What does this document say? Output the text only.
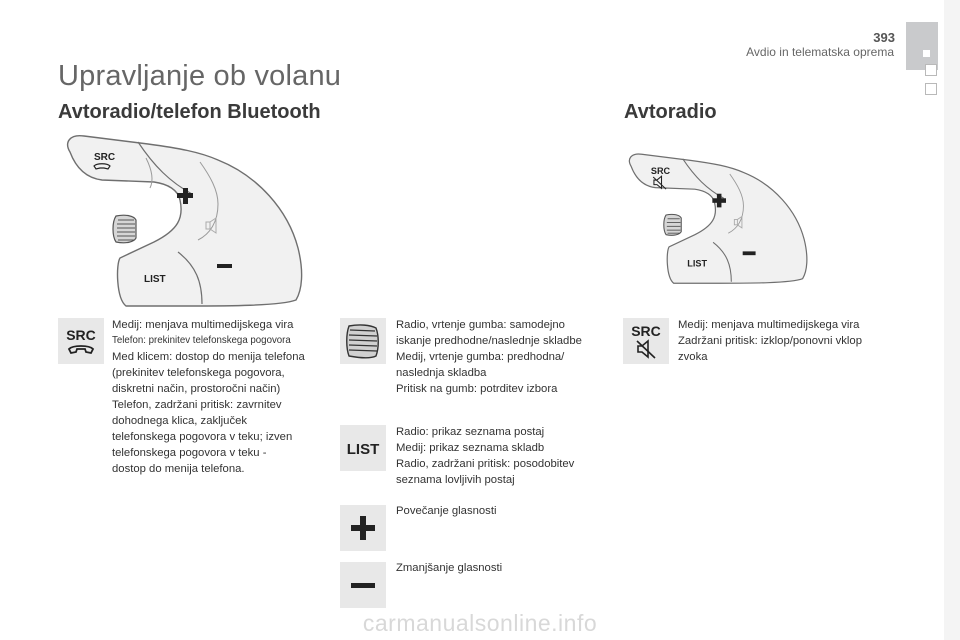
393
Avdio in telematska oprema
Upravljanje ob volanu
Avtoradio/telefon Bluetooth	Avtoradio
SRC
LIST
SRC
LIST
SRC
LIST
SRC

Medij: menjava multimedijskega vira

Telefon: prekinitev telefonskega pogovora

Med klicem: dostop do menija telefona

(prekinitev telefonskega pogovora,

diskretni način, prostoročni način)

Telefon, zadržani pritisk: zavrnitev

dohodnega klica, zaključek

telefonskega pogovora v teku; izven

telefonskega pogovora v teku -

dostop do menija telefona.

Radio, vrtenje gumba: samodejno

iskanje predhodne/naslednje skladbe

Medij, vrtenje gumba: predhodna/

naslednja skladba

Pritisk na gumb: potrditev izbora

Radio: prikaz seznama postaj

Medij: prikaz seznama skladb

Radio, zadržani pritisk: posodobitev

seznama lovljivih postaj

Povečanje glasnosti

Zmanjšanje glasnosti

Medij: menjava multimedijskega vira

Zadržani pritisk: izklop/ponovni vklop

zvoka

carmanualsonline.info
